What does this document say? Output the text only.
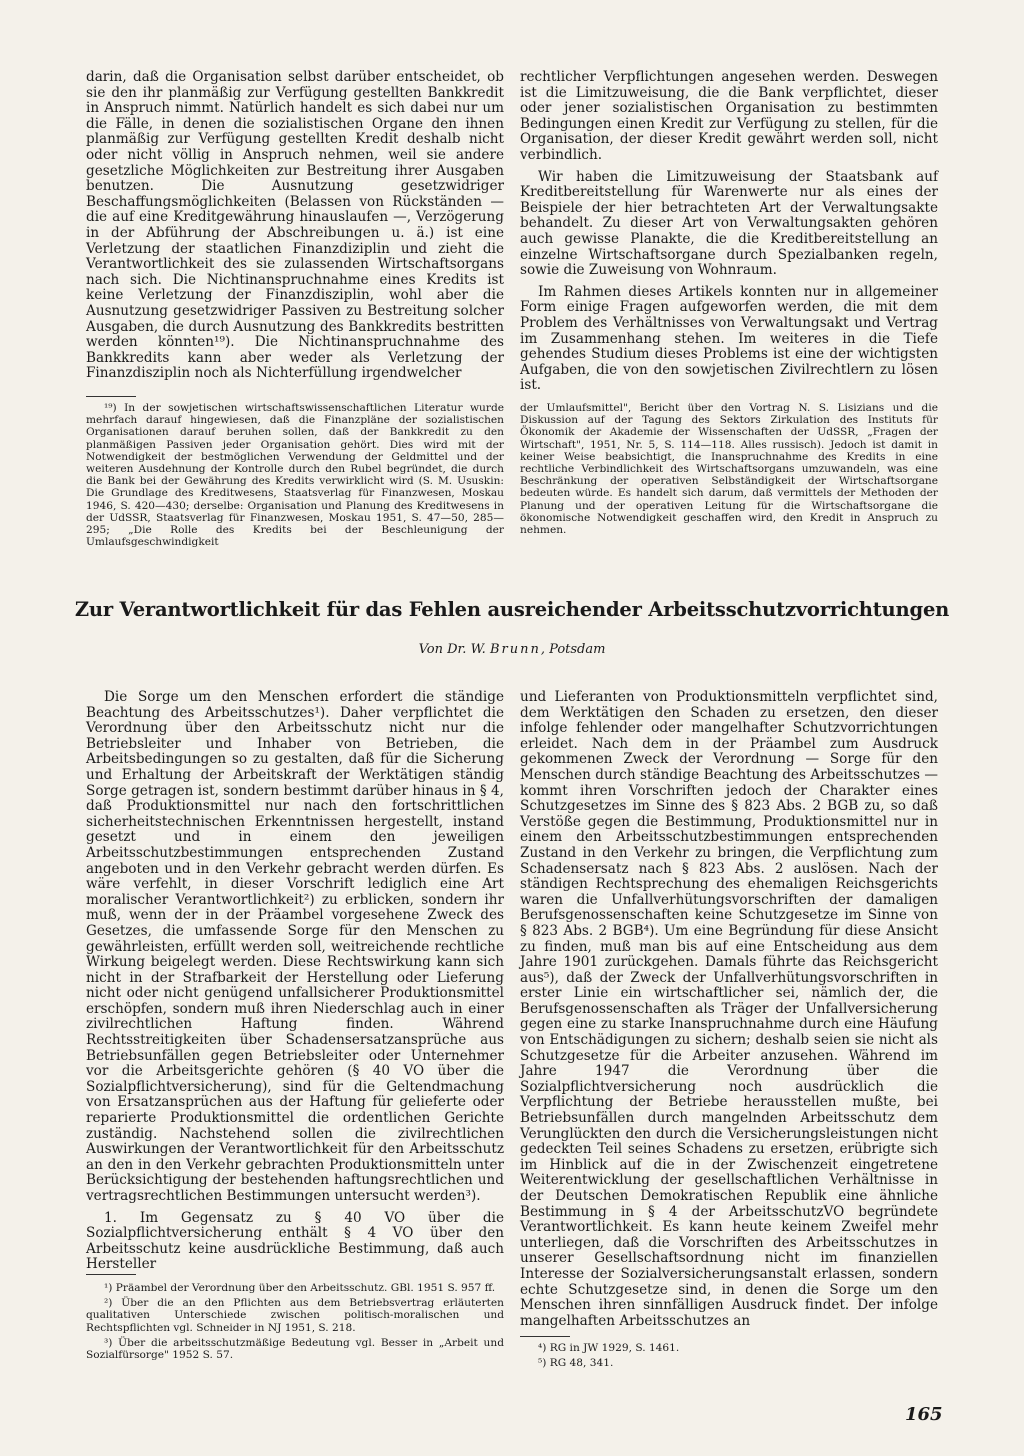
darin, daß die Organisation selbst darüber entscheidet, ob sie den ihr planmäßig zur Verfügung gestellten Bankkredit in Anspruch nimmt. Natürlich handelt es sich dabei nur um die Fälle, in denen die sozialistischen Organe den ihnen planmäßig zur Verfügung gestellten Kredit deshalb nicht oder nicht völlig in Anspruch nehmen, weil sie andere gesetzliche Möglichkeiten zur Bestreitung ihrer Ausgaben benutzen. Die Ausnutzung gesetzwidriger Beschaffungsmöglichkeiten (Belassen von Rückständen — die auf eine Kreditgewährung hinauslaufen —, Verzögerung in der Abführung der Abschreibungen u. ä.) ist eine Verletzung der staatlichen Finanzdiziplin und zieht die Verantwortlichkeit des sie zulassenden Wirtschaftsorgans nach sich. Die Nichtinanspruchnahme eines Kredits ist keine Verletzung der Finanzdisziplin, wohl aber die Ausnutzung gesetzwidriger Passiven zu Bestreitung solcher Ausgaben, die durch Ausnutzung des Bankkredits bestritten werden könnten¹⁹). Die Nichtinanspruchnahme des Bankkredits kann aber weder als Verletzung der Finanzdisziplin noch als Nichterfüllung irgendwelcher

rechtlicher Verpflichtungen angesehen werden. Deswegen ist die Limitzuweisung, die die Bank verpflichtet, dieser oder jener sozialistischen Organisation zu bestimmten Bedingungen einen Kredit zur Verfügung zu stellen, für die Organisation, der dieser Kredit gewährt werden soll, nicht verbindlich.

Wir haben die Limitzuweisung der Staatsbank auf Kreditbereitstellung für Warenwerte nur als eines der Beispiele der hier betrachteten Art der Verwaltungsakte behandelt. Zu dieser Art von Verwaltungsakten gehören auch gewisse Planakte, die die Kreditbereitstellung an einzelne Wirtschaftsorgane durch Spezialbanken regeln, sowie die Zuweisung von Wohnraum.

Im Rahmen dieses Artikels konnten nur in allgemeiner Form einige Fragen aufgeworfen werden, die mit dem Problem des Verhältnisses von Verwaltungsakt und Vertrag im Zusammenhang stehen. Im weiteres in die Tiefe gehendes Studium dieses Problems ist eine der wichtigsten Aufgaben, die von den sowjetischen Zivilrechtlern zu lösen ist.

¹⁹) In der sowjetischen wirtschaftswissenschaftlichen Literatur wurde mehrfach darauf hingewiesen, daß die Finanzpläne der sozialistischen Organisationen darauf beruhen sollen, daß der Bankkredit zu den planmäßigen Passiven jeder Organisation gehört. Dies wird mit der Notwendigkeit der bestmöglichen Verwendung der Geldmittel und der weiteren Ausdehnung der Kontrolle durch den Rubel begründet, die durch die Bank bei der Gewährung des Kredits verwirklicht wird (S. M. Ususkin: Die Grundlage des Kreditwesens, Staatsverlag für Finanzwesen, Moskau 1946, S. 420—430; derselbe: Organisation und Planung des Kreditwesens in der UdSSR, Staatsverlag für Finanzwesen, Moskau 1951, S. 47—50, 285—295; „Die Rolle des Kredits bei der Beschleunigung der Umlaufsgeschwindigkeit

der Umlaufsmittel", Bericht über den Vortrag N. S. Lisizians und die Diskussion auf der Tagung des Sektors Zirkulation des Instituts für Ökonomik der Akademie der Wissenschaften der UdSSR, „Fragen der Wirtschaft", 1951, Nr. 5, S. 114—118. Alles russisch). Jedoch ist damit in keiner Weise beabsichtigt, die Inanspruchnahme des Kredits in eine rechtliche Verbindlichkeit des Wirtschaftsorgans umzuwandeln, was eine Beschränkung der operativen Selbständigkeit der Wirtschaftsorgane bedeuten würde. Es handelt sich darum, daß vermittels der Methoden der Planung und der operativen Leitung für die Wirtschaftsorgane die ökonomische Notwendigkeit geschaffen wird, den Kredit in Anspruch zu nehmen.

Zur Verantwortlichkeit für das Fehlen ausreichender Arbeitsschutzvorrichtungen
Von Dr. W. Brunn, Potsdam

Die Sorge um den Menschen erfordert die ständige Beachtung des Arbeitsschutzes¹). Daher verpflichtet die Verordnung über den Arbeitsschutz nicht nur die Betriebsleiter und Inhaber von Betrieben, die Arbeitsbedingungen so zu gestalten, daß für die Sicherung und Erhaltung der Arbeitskraft der Werktätigen ständig Sorge getragen ist, sondern bestimmt darüber hinaus in § 4, daß Produktionsmittel nur nach den fortschrittlichen sicherheitstechnischen Erkenntnissen hergestellt, instand gesetzt und in einem den jeweiligen Arbeitsschutzbestimmungen entsprechenden Zustand angeboten und in den Verkehr gebracht werden dürfen. Es wäre verfehlt, in dieser Vorschrift lediglich eine Art moralischer Verantwortlichkeit²) zu erblicken, sondern ihr muß, wenn der in der Präambel vorgesehene Zweck des Gesetzes, die umfassende Sorge für den Menschen zu gewährleisten, erfüllt werden soll, weitreichende rechtliche Wirkung beigelegt werden. Diese Rechtswirkung kann sich nicht in der Strafbarkeit der Herstellung oder Lieferung nicht oder nicht genügend unfallsicherer Produktionsmittel erschöpfen, sondern muß ihren Niederschlag auch in einer zivilrechtlichen Haftung finden. Während Rechtsstreitigkeiten über Schadensersatzansprüche aus Betriebsunfällen gegen Betriebsleiter oder Unternehmer vor die Arbeitsgerichte gehören (§ 40 VO über die Sozialpflichtversicherung), sind für die Geltendmachung von Ersatzansprüchen aus der Haftung für gelieferte oder reparierte Produktionsmittel die ordentlichen Gerichte zuständig. Nachstehend sollen die zivilrechtlichen Auswirkungen der Verantwortlichkeit für den Arbeitsschutz an den in den Verkehr gebrachten Produktionsmitteln unter Berücksichtigung der bestehenden haftungsrechtlichen und vertragsrechtlichen Bestimmungen untersucht werden³).

1. Im Gegensatz zu § 40 VO über die Sozialpflichtversicherung enthält § 4 VO über den Arbeitsschutz keine ausdrückliche Bestimmung, daß auch Hersteller

und Lieferanten von Produktionsmitteln verpflichtet sind, dem Werktätigen den Schaden zu ersetzen, den dieser infolge fehlender oder mangelhafter Schutzvorrichtungen erleidet. Nach dem in der Präambel zum Ausdruck gekommenen Zweck der Verordnung — Sorge für den Menschen durch ständige Beachtung des Arbeitsschutzes — kommt ihren Vorschriften jedoch der Charakter eines Schutzgesetzes im Sinne des § 823 Abs. 2 BGB zu, so daß Verstöße gegen die Bestimmung, Produktionsmittel nur in einem den Arbeitsschutzbestimmungen entsprechenden Zustand in den Verkehr zu bringen, die Verpflichtung zum Schadensersatz nach § 823 Abs. 2 auslösen. Nach der ständigen Rechtsprechung des ehemaligen Reichsgerichts waren die Unfallverhütungsvorschriften der damaligen Berufsgenossenschaften keine Schutzgesetze im Sinne von § 823 Abs. 2 BGB⁴). Um eine Begründung für diese Ansicht zu finden, muß man bis auf eine Entscheidung aus dem Jahre 1901 zurückgehen. Damals führte das Reichsgericht aus⁵), daß der Zweck der Unfallverhütungsvorschriften in erster Linie ein wirtschaftlicher sei, nämlich der, die Berufsgenossenschaften als Träger der Unfallversicherung gegen eine zu starke Inanspruchnahme durch eine Häufung von Entschädigungen zu sichern; deshalb seien sie nicht als Schutzgesetze für die Arbeiter anzusehen. Während im Jahre 1947 die Verordnung über die Sozialpflichtversicherung noch ausdrücklich die Verpflichtung der Betriebe herausstellen mußte, bei Betriebsunfällen durch mangelnden Arbeitsschutz dem Verunglückten den durch die Versicherungsleistungen nicht gedeckten Teil seines Schadens zu ersetzen, erübrigte sich im Hinblick auf die in der Zwischenzeit eingetretene Weiterentwicklung der gesellschaftlichen Verhältnisse in der Deutschen Demokratischen Republik eine ähnliche Bestimmung in § 4 der ArbeitsschutzVO begründete Verantwortlichkeit. Es kann heute keinem Zweifel mehr unterliegen, daß die Vorschriften des Arbeitsschutzes in unserer Gesellschaftsordnung nicht im finanziellen Interesse der Sozialversicherungsanstalt erlassen, sondern echte Schutzgesetze sind, in denen die Sorge um den Menschen ihren sinnfälligen Ausdruck findet. Der infolge mangelhaften Arbeitsschutzes an

¹) Präambel der Verordnung über den Arbeitsschutz. GBl. 1951 S. 957 ff.

²) Über die an den Pflichten aus dem Betriebsvertrag erläuterten qualitativen Unterschiede zwischen politisch-moralischen und Rechtspflichten vgl. Schneider in NJ 1951, S. 218.

³) Über die arbeitsschutzmäßige Bedeutung vgl. Besser in „Arbeit und Sozialfürsorge" 1952 S. 57.

⁴) RG in JW 1929, S. 1461.

⁵) RG 48, 341.

165
